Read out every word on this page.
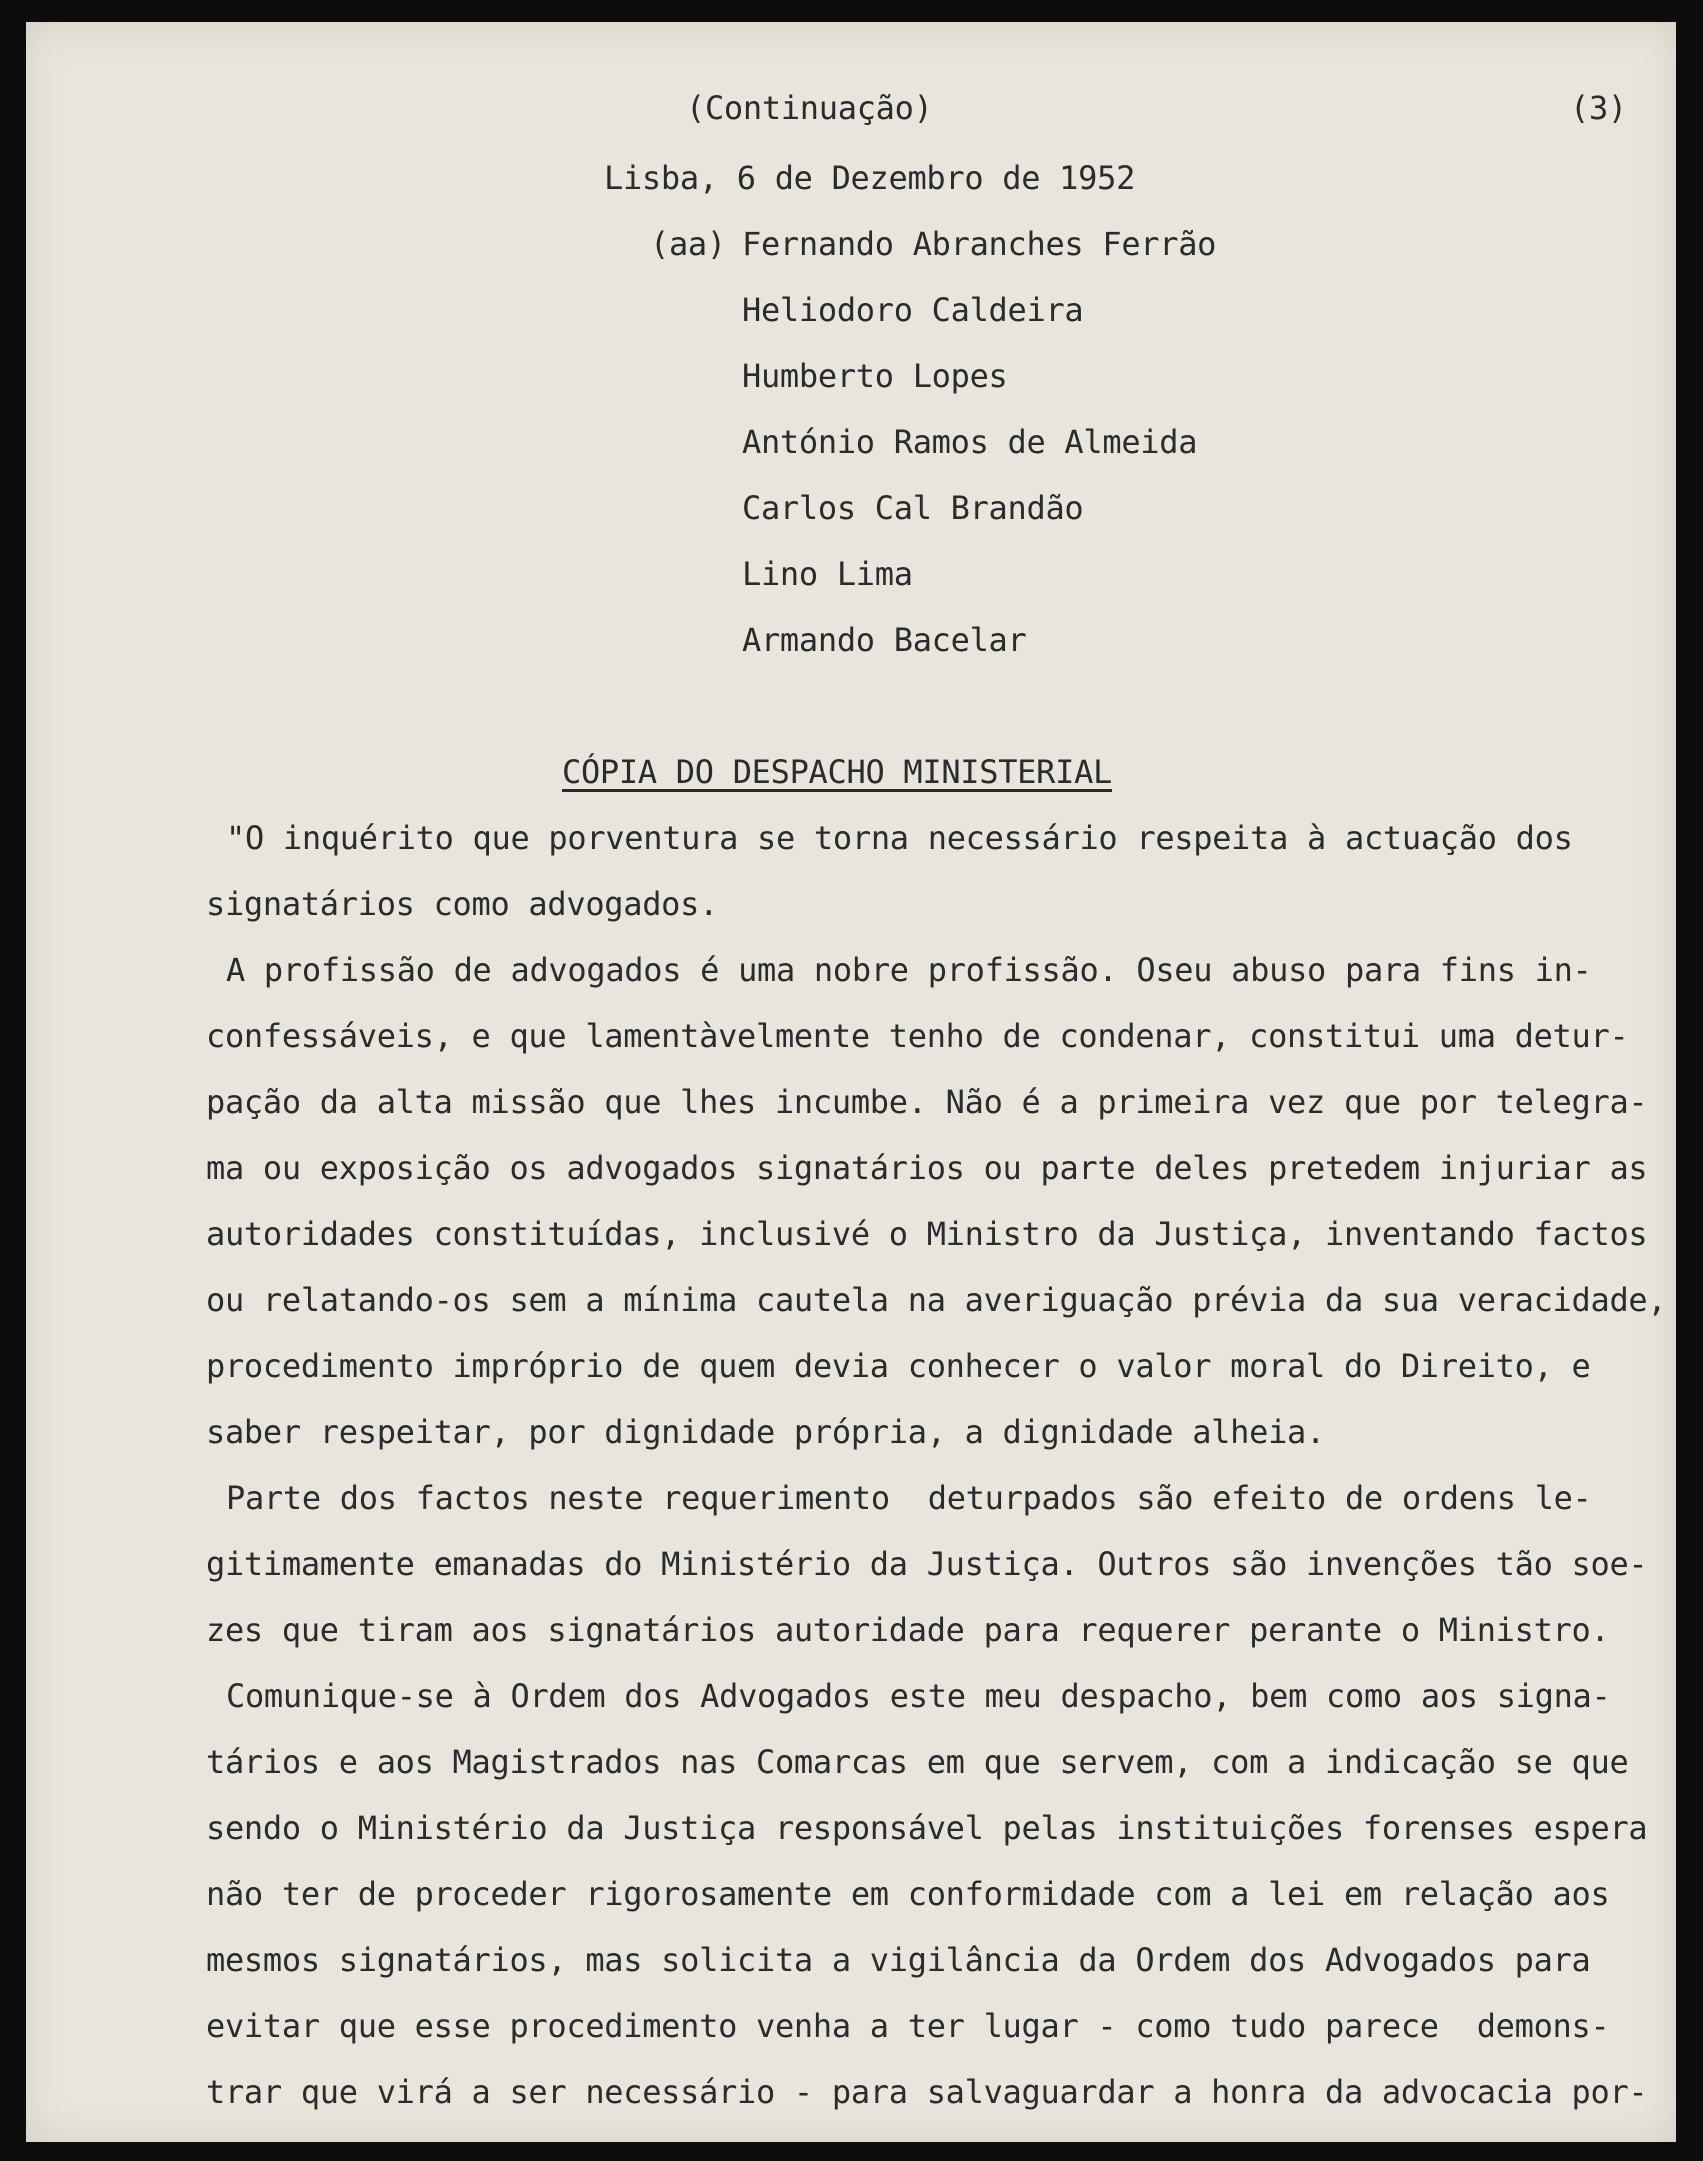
(Continuação)	(3)
Lisba, 6 de Dezembro de 1952
(aa) Fernando Abranches Ferrão
Heliodoro Caldeira
Humberto Lopes
António Ramos de Almeida
Carlos Cal Brandão
Lino Lima
Armando Bacelar
CÓPIA DO DESPACHO MINISTERIAL
"O inquérito que porventura se torna necessário respeita à actuação dos
signatários como advogados.
A profissão de advogados é uma nobre profissão. Oseu abuso para fins in-
confessáveis, e que lamentàvelmente tenho de condenar, constitui uma detur-
pação da alta missão que lhes incumbe. Não é a primeira vez que por telegra-
ma ou exposição os advogados signatários ou parte deles pretedem injuriar as
autoridades constituídas, inclusivé o Ministro da Justiça, inventando factos
ou relatando-os sem a mínima cautela na averiguação prévia da sua veracidade,
procedimento impróprio de quem devia conhecer o valor moral do Direito, e
saber respeitar, por dignidade própria, a dignidade alheia.
Parte dos factos neste requerimento  deturpados são efeito de ordens le-
gitimamente emanadas do Ministério da Justiça. Outros são invenções tão soe-
zes que tiram aos signatários autoridade para requerer perante o Ministro.
Comunique-se à Ordem dos Advogados este meu despacho, bem como aos signa-
tários e aos Magistrados nas Comarcas em que servem, com a indicação se que
sendo o Ministério da Justiça responsável pelas instituições forenses espera
não ter de proceder rigorosamente em conformidade com a lei em relação aos
mesmos signatários, mas solicita a vigilância da Ordem dos Advogados para
evitar que esse procedimento venha a ter lugar - como tudo parece  demons-
trar que virá a ser necessário - para salvaguardar a honra da advocacia por-
